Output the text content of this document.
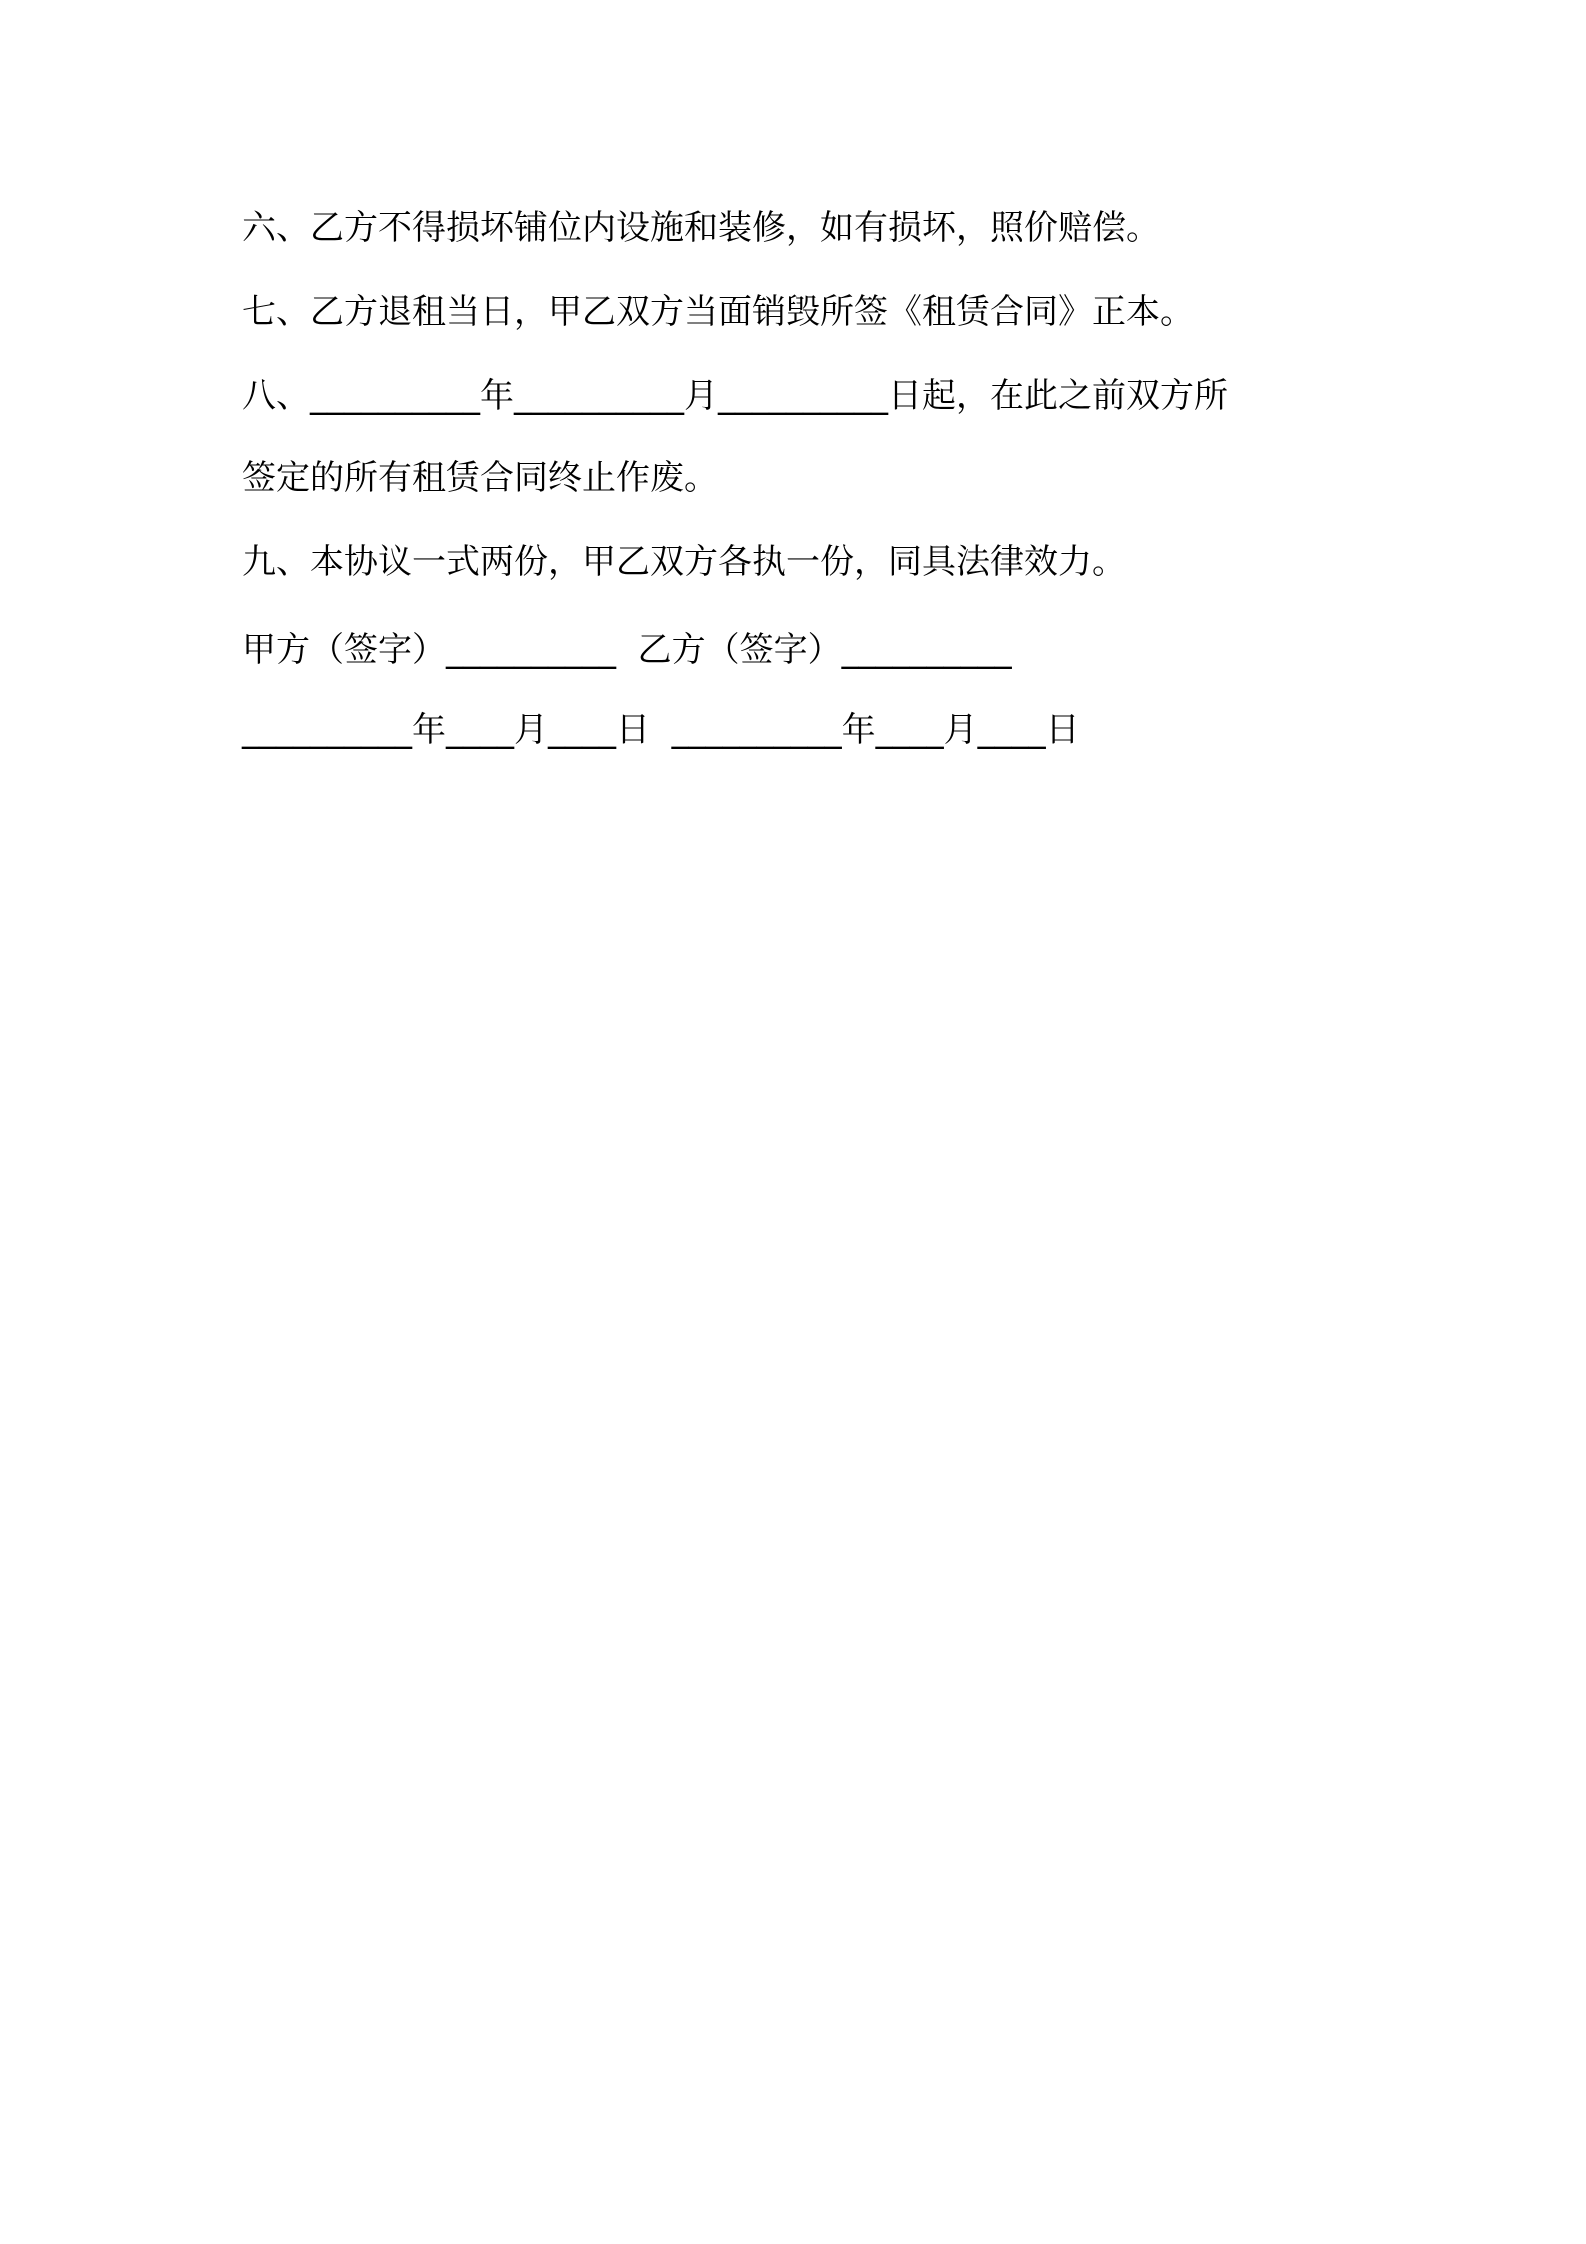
六、乙方不得损坏铺位内设施和装修，如有损坏，照价赔偿。
七、乙方退租当日，甲乙双方当面销毁所签《租赁合同》正本。
八、__________年__________月__________日起，在此之前双方所
签定的所有租赁合同终止作废。
九、本协议一式两份，甲乙双方各执一份，同具法律效力。
甲方（签字）__________  乙方（签字）__________
__________年____月____日  __________年____月____日
